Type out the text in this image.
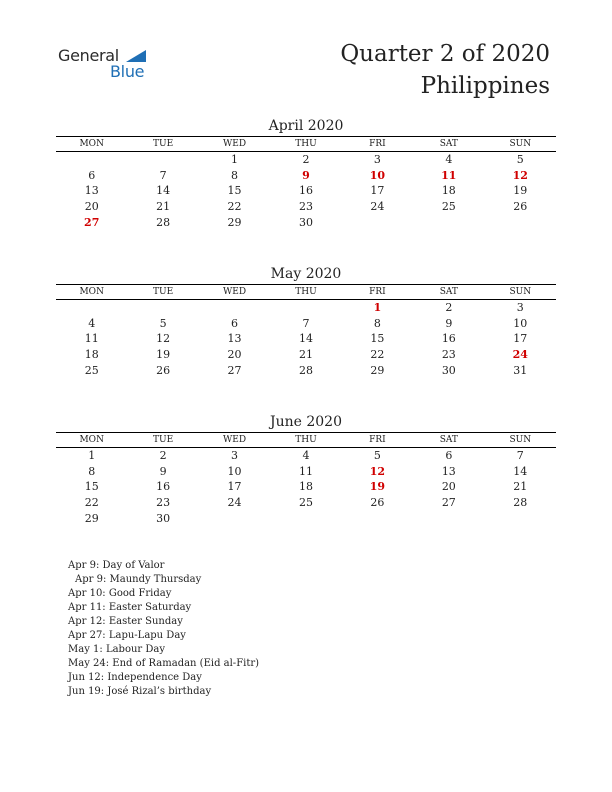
General
Blue
Quarter 2 of 2020
Philippines
April 2020
MON	TUE	WED	THU	FRI	SAT	SUN
		1	2	3	4	5
6	7	8	9	10	11	12
13	14	15	16	17	18	19
20	21	22	23	24	25	26
27	28	29	30			
May 2020
MON	TUE	WED	THU	FRI	SAT	SUN
				1	2	3
4	5	6	7	8	9	10
11	12	13	14	15	16	17
18	19	20	21	22	23	24
25	26	27	28	29	30	31
June 2020
MON	TUE	WED	THU	FRI	SAT	SUN
1	2	3	4	5	6	7
8	9	10	11	12	13	14
15	16	17	18	19	20	21
22	23	24	25	26	27	28
29	30					
Apr 9: Day of Valor
Apr 9: Maundy Thursday
Apr 10: Good Friday
Apr 11: Easter Saturday
Apr 12: Easter Sunday
Apr 27: Lapu-Lapu Day
May 1: Labour Day
May 24: End of Ramadan (Eid al-Fitr)
Jun 12: Independence Day
Jun 19: José Rizal’s birthday
